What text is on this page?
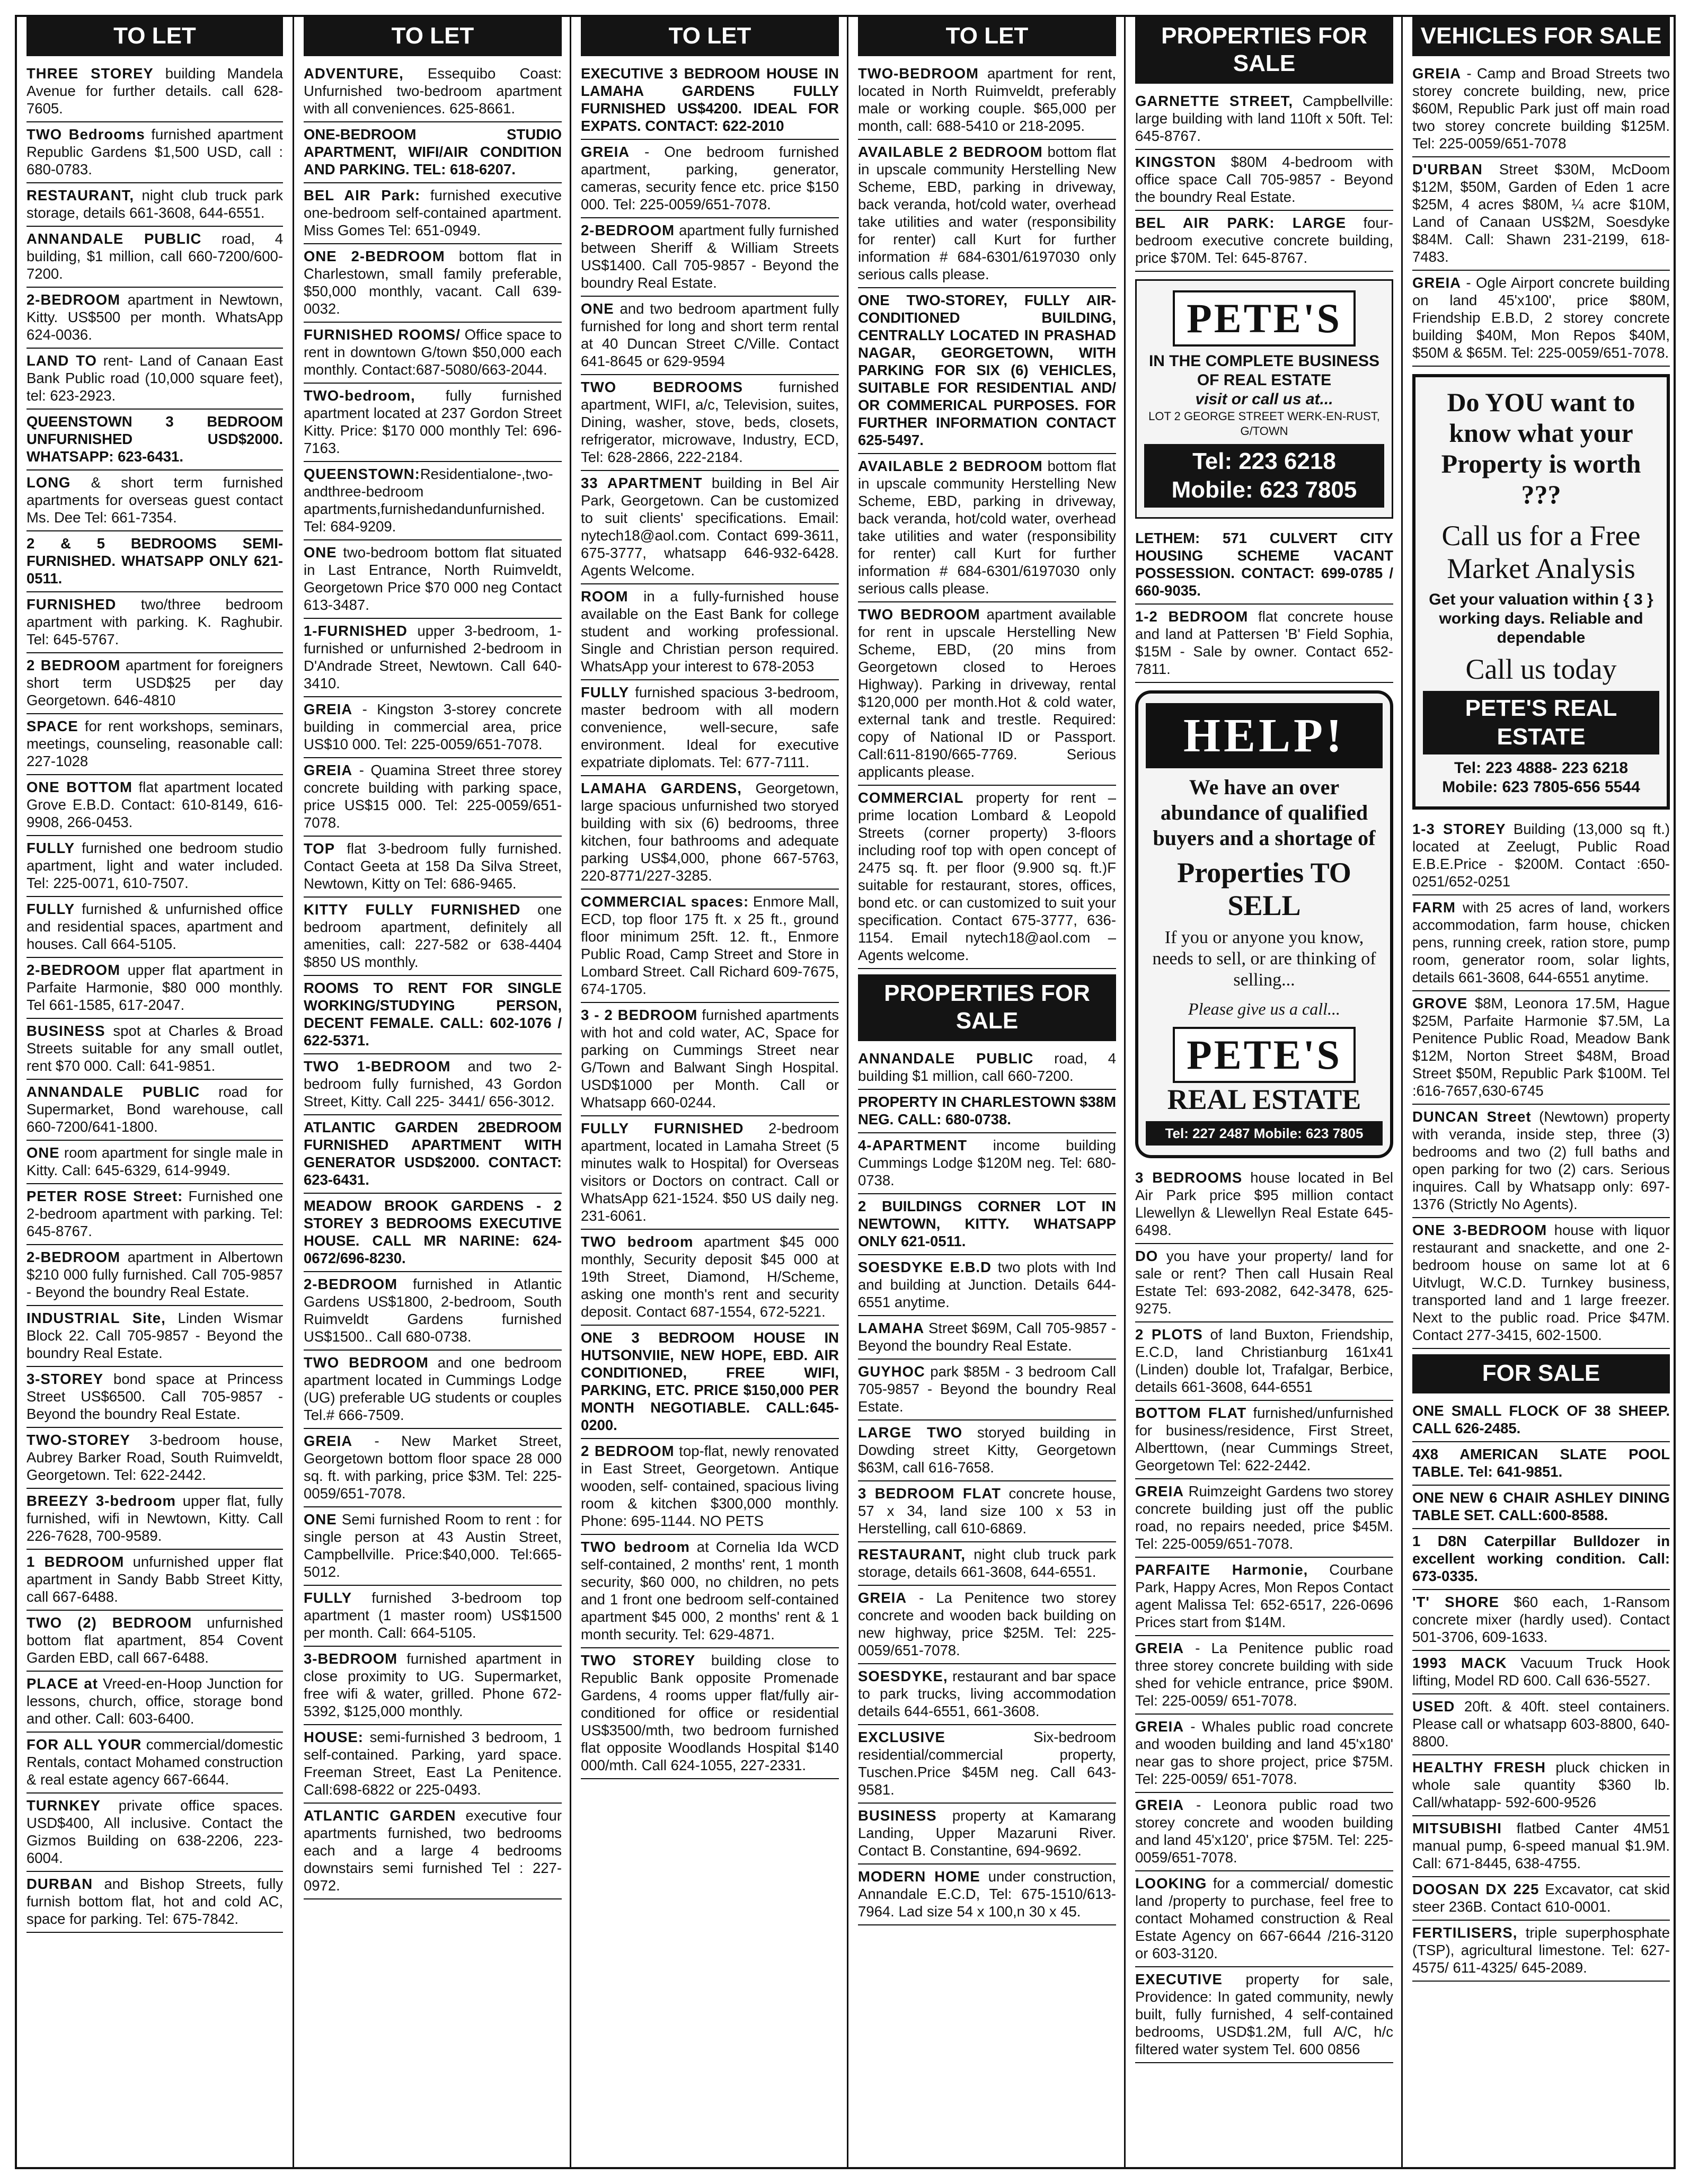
TO LET
THREE STOREY building Mandela Avenue for further details. call 628-7605.
TWO Bedrooms furnished apartment Republic Gardens $1,500 USD, call : 680-0783.
RESTAURANT, night club truck park storage, details 661-3608, 644-6551.
ANNANDALE PUBLIC road, 4 building, $1 million, call 660-7200/600-7200.
2-BEDROOM apartment in Newtown, Kitty. US$500 per month. WhatsApp 624-0036.
LAND TO rent- Land of Canaan East Bank Public road (10,000 square feet), tel: 623-2923.
QUEENSTOWN 3 BEDROOM UNFURNISHED USD$2000. WHATSAPP: 623-6431.
LONG & short term furnished apartments for overseas guest contact Ms. Dee Tel: 661-7354.
2 & 5 BEDROOMS SEMI-FURNISHED. WHATSAPP ONLY 621-0511.
FURNISHED two/three bedroom apartment with parking. K. Raghubir. Tel: 645-5767.
2 BEDROOM apartment for foreigners short term USD$25 per day Georgetown. 646-4810
SPACE for rent workshops, seminars, meetings, counseling, reasonable call: 227-1028
ONE BOTTOM flat apartment located Grove E.B.D. Contact: 610-8149, 616-9908, 266-0453.
FULLY furnished one bedroom studio apartment, light and water included. Tel: 225-0071, 610-7507.
FULLY furnished & unfurnished office and residential spaces, apartment and houses. Call 664-5105.
2-BEDROOM upper flat apartment in Parfaite Harmonie, $80 000 monthly. Tel 661-1585, 617-2047.
BUSINESS spot at Charles & Broad Streets suitable for any small outlet, rent $70 000. Call: 641-9851.
ANNANDALE PUBLIC road for Supermarket, Bond warehouse, call 660-7200/641-1800.
ONE room apartment for single male in Kitty. Call: 645-6329, 614-9949.
PETER ROSE Street: Furnished one 2-bedroom apartment with parking. Tel: 645-8767.
2-BEDROOM apartment in Albertown $210 000 fully furnished. Call 705-9857 - Beyond the boundry Real Estate.
INDUSTRIAL Site, Linden Wismar Block 22. Call 705-9857 - Beyond the boundry Real Estate.
3-STOREY bond space at Princess Street US$6500. Call 705-9857 - Beyond the boundry Real Estate.
TWO-STOREY 3-bedroom house, Aubrey Barker Road, South Ruimveldt, Georgetown. Tel: 622-2442.
BREEZY 3-bedroom upper flat, fully furnished, wifi in Newtown, Kitty. Call 226-7628, 700-9589.
1 BEDROOM unfurnished upper flat apartment in Sandy Babb Street Kitty, call 667-6488.
TWO (2) BEDROOM unfurnished bottom flat apartment, 854 Covent Garden EBD, call 667-6488.
PLACE at Vreed-en-Hoop Junction for lessons, church, office, storage bond and other. Call: 603-6400.
FOR ALL YOUR commercial/domestic Rentals, contact Mohamed construction & real estate agency 667-6644.
TURNKEY private office spaces. USD$400, All inclusive. Contact the Gizmos Building on 638-2206, 223-6004.
DURBAN and Bishop Streets, fully furnish bottom flat, hot and cold AC, space for parking. Tel: 675-7842.
TO LET
ADVENTURE, Essequibo Coast: Unfurnished two-bedroom apartment with all conveniences. 625-8661.
ONE-BEDROOM STUDIO APARTMENT, WIFI/AIR CONDITION AND PARKING. TEL: 618-6207.
BEL AIR Park: furnished executive one-bedroom self-contained apartment. Miss Gomes Tel: 651-0949.
ONE 2-BEDROOM bottom flat in Charlestown, small family preferable, $50,000 monthly, vacant. Call 639-0032.
FURNISHED ROOMS/ Office space to rent in downtown G/town $50,000 each monthly. Contact:687-5080/663-2044.
TWO-bedroom, fully furnished apartment located at 237 Gordon Street Kitty. Price: $170 000 monthly Tel: 696-7163.
QUEENSTOWN:Residentialone-,two-andthree-bedroom apartments,furnishedandunfurnished. Tel: 684-9209.
ONE two-bedroom bottom flat situated in Last Entrance, North Ruimveldt, Georgetown Price $70 000 neg Contact 613-3487.
1-FURNISHED upper 3-bedroom, 1-furnished or unfurnished 2-bedroom in D'Andrade Street, Newtown. Call 640-3410.
GREIA - Kingston 3-storey concrete building in commercial area, price US$10 000. Tel: 225-0059/651-7078.
GREIA - Quamina Street three storey concrete building with parking space, price US$15 000. Tel: 225-0059/651-7078.
TOP flat 3-bedroom fully furnished. Contact Geeta at 158 Da Silva Street, Newtown, Kitty on Tel: 686-9465.
KITTY FULLY FURNISHED one bedroom apartment, definitely all amenities, call: 227-582 or 638-4404 $850 US monthly.
ROOMS TO RENT FOR SINGLE WORKING/STUDYING PERSON, DECENT FEMALE. CALL: 602-1076 / 622-5371.
TWO 1-BEDROOM and two 2-bedroom fully furnished, 43 Gordon Street, Kitty. Call 225- 3441/ 656-3012.
ATLANTIC GARDEN 2BEDROOM FURNISHED APARTMENT WITH GENERATOR USD$2000. CONTACT: 623-6431.
MEADOW BROOK GARDENS - 2 STOREY 3 BEDROOMS EXECUTIVE HOUSE. CALL MR NARINE: 624-0672/696-8230.
2-BEDROOM furnished in Atlantic Gardens US$1800, 2-bedroom, South Ruimveldt Gardens furnished US$1500.. Call 680-0738.
TWO BEDROOM and one bedroom apartment located in Cummings Lodge (UG) preferable UG students or couples Tel.# 666-7509.
GREIA - New Market Street, Georgetown bottom floor space 28 000 sq. ft. with parking, price $3M. Tel: 225-0059/651-7078.
ONE Semi furnished Room to rent : for single person at 43 Austin Street, Campbellville. Price:$40,000. Tel:665-5012.
FULLY furnished 3-bedroom top apartment (1 master room) US$1500 per month. Call: 664-5105.
3-BEDROOM furnished apartment in close proximity to UG. Supermarket, free wifi & water, grilled. Phone 672-5392, $125,000 monthly.
HOUSE: semi-furnished 3 bedroom, 1 self-contained. Parking, yard space. Freeman Street, East La Penitence. Call:698-6822 or 225-0493.
ATLANTIC GARDEN executive four apartments furnished, two bedrooms each and a large 4 bedrooms downstairs semi furnished Tel : 227-0972.
TO LET
EXECUTIVE 3 BEDROOM HOUSE IN LAMAHA GARDENS FULLY FURNISHED US$4200. IDEAL FOR EXPATS. CONTACT: 622-2010
GREIA - One bedroom furnished apartment, parking, generator, cameras, security fence etc. price $150 000. Tel: 225-0059/651-7078.
2-BEDROOM apartment fully furnished between Sheriff & William Streets US$1400. Call 705-9857 - Beyond the boundry Real Estate.
ONE and two bedroom apartment fully furnished for long and short term rental at 40 Duncan Street C/Ville. Contact 641-8645 or 629-9594
TWO BEDROOMS furnished apartment, WIFI, a/c, Television, suites, Dining, washer, stove, beds, closets, refrigerator, microwave, Industry, ECD, Tel: 628-2866, 222-2184.
33 APARTMENT building in Bel Air Park, Georgetown. Can be customized to suit clients' specifications. Email: nytech18@aol.com. Contact 699-3611, 675-3777, whatsapp 646-932-6428. Agents Welcome.
ROOM in a fully-furnished house available on the East Bank for college student and working professional. Single and Christian person required. WhatsApp your interest to 678-2053
FULLY furnished spacious 3-bedroom, master bedroom with all modern convenience, well-secure, safe environment. Ideal for executive expatriate diplomats. Tel: 677-7111.
LAMAHA GARDENS, Georgetown, large spacious unfurnished two storyed building with six (6) bedrooms, three kitchen, four bathrooms and adequate parking US$4,000, phone 667-5763, 220-8771/227-3285.
COMMERCIAL spaces: Enmore Mall, ECD, top floor 175 ft. x 25 ft., ground floor minimum 25ft. 12. ft., Enmore Public Road, Camp Street and Store in Lombard Street. Call Richard 609-7675, 674-1705.
3 - 2 BEDROOM furnished apartments with hot and cold water, AC, Space for parking on Cummings Street near G/Town and Balwant Singh Hospital. USD$1000 per Month. Call or Whatsapp 660-0244.
FULLY FURNISHED 2-bedroom apartment, located in Lamaha Street (5 minutes walk to Hospital) for Overseas visitors or Doctors on contract. Call or WhatsApp 621-1524. $50 US daily neg. 231-6061.
TWO bedroom apartment $45 000 monthly, Security deposit $45 000 at 19th Street, Diamond, H/Scheme, asking one month's rent and security deposit. Contact 687-1554, 672-5221.
ONE 3 BEDROOM HOUSE IN HUTSONVIIE, NEW HOPE, EBD. AIR CONDITIONED, FREE WIFI, PARKING, ETC. PRICE $150,000 PER MONTH NEGOTIABLE. CALL:645-0200.
2 BEDROOM top-flat, newly renovated in East Street, Georgetown. Antique wooden, self- contained, spacious living room & kitchen $300,000 monthly. Phone: 695-1144. NO PETS
TWO bedroom at Cornelia Ida WCD self-contained, 2 months' rent, 1 month security, $60 000, no children, no pets and 1 front one bedroom self-contained apartment $45 000, 2 months' rent & 1 month security. Tel: 629-4871.
TWO STOREY building close to Republic Bank opposite Promenade Gardens, 4 rooms upper flat/fully air-conditioned for office or residential US$3500/mth, two bedroom furnished flat opposite Woodlands Hospital $140 000/mth. Call 624-1055, 227-2331.
TO LET
TWO-BEDROOM apartment for rent, located in North Ruimveldt, preferably male or working couple. $65,000 per month, call: 688-5410 or 218-2095.
AVAILABLE 2 BEDROOM bottom flat in upscale community Herstelling New Scheme, EBD, parking in driveway, back veranda, hot/cold water, overhead take utilities and water (responsibility for renter) call Kurt for further information # 684-6301/6197030 only serious calls please.
ONE TWO-STOREY, FULLY AIR-CONDITIONED BUILDING, CENTRALLY LOCATED IN PRASHAD NAGAR, GEORGETOWN, WITH PARKING FOR SIX (6) VEHICLES, SUITABLE FOR RESIDENTIAL AND/ OR COMMERICAL PURPOSES. FOR FURTHER INFORMATION CONTACT 625-5497.
AVAILABLE 2 BEDROOM bottom flat in upscale community Herstelling New Scheme, EBD, parking in driveway, back veranda, hot/cold water, overhead take utilities and water (responsibility for renter) call Kurt for further information # 684-6301/6197030 only serious calls please.
TWO BEDROOM apartment available for rent in upscale Herstelling New Scheme, EBD, (20 mins from Georgetown closed to Heroes Highway). Parking in driveway, rental $120,000 per month.Hot & cold water, external tank and trestle. Required: copy of National ID or Passport. Call:611-8190/665-7769. Serious applicants please.
COMMERCIAL property for rent – prime location Lombard & Leopold Streets (corner property) 3-floors including roof top with open concept of 2475 sq. ft. per floor (9.900 sq. ft.)F suitable for restaurant, stores, offices, bond etc. or can customized to suit your specification. Contact 675-3777, 636-1154. Email nytech18@aol.com – Agents welcome.
PROPERTIES FOR SALE
ANNANDALE PUBLIC road, 4 building $1 million, call 660-7200.
PROPERTY IN CHARLESTOWN $38M NEG. CALL: 680-0738.
4-APARTMENT income building Cummings Lodge $120M neg. Tel: 680-0738.
2 BUILDINGS CORNER LOT IN NEWTOWN, KITTY. WHATSAPP ONLY 621-0511.
SOESDYKE E.B.D two plots with Ind and building at Junction. Details 644-6551 anytime.
LAMAHA Street $69M, Call 705-9857 - Beyond the boundry Real Estate.
GUYHOC park $85M - 3 bedroom Call 705-9857 - Beyond the boundry Real Estate.
LARGE TWO storyed building in Dowding street Kitty, Georgetown $63M, call 616-7658.
3 BEDROOM FLAT concrete house, 57 x 34, land size 100 x 53 in Herstelling, call 610-6869.
RESTAURANT, night club truck park storage, details 661-3608, 644-6551.
GREIA - La Penitence two storey concrete and wooden back building on new highway, price $25M. Tel: 225-0059/651-7078.
SOESDYKE, restaurant and bar space to park trucks, living accommodation details 644-6551, 661-3608.
EXCLUSIVE Six-bedroom residential/commercial property, Tuschen.Price $45M neg. Call 643-9581.
BUSINESS property at Kamarang Landing, Upper Mazaruni River. Contact B. Constantine, 694-9692.
MODERN HOME under construction, Annandale E.C.D, Tel: 675-1510/613-7964. Lad size 54 x 100,n 30 x 45.
PROPERTIES FOR SALE
GARNETTE STREET, Campbellville: large building with land 110ft x 50ft. Tel: 645-8767.
KINGSTON $80M 4-bedroom with office space Call 705-9857 - Beyond the boundry Real Estate.
BEL AIR PARK: LARGE four-bedroom executive concrete building, price $70M. Tel: 645-8767.
PETE'S
IN THE COMPLETE BUSINESS OF REAL ESTATE
visit or call us at...
LOT 2 GEORGE STREET WERK-EN-RUST, G/TOWN
Tel: 223 6218
Mobile: 623 7805
LETHEM: 571 CULVERT CITY HOUSING SCHEME VACANT POSSESSION. CONTACT: 699-0785 / 660-9035.
1-2 BEDROOM flat concrete house and land at Pattersen 'B' Field Sophia, $15M - Sale by owner. Contact 652-7811.
HELP!
We have an over abundance of qualified buyers and a shortage of
Properties TO SELL
If you or anyone you know, needs to sell, or are thinking of selling...
Please give us a call...
PETE'S
REAL ESTATE
Tel: 227 2487 Mobile: 623 7805
3 BEDROOMS house located in Bel Air Park price $95 million contact Llewellyn & Llewellyn Real Estate 645-6498.
DO you have your property/ land for sale or rent? Then call Husain Real Estate Tel: 693-2082, 642-3478, 625-9275.
2 PLOTS of land Buxton, Friendship, E.C.D, land Christianburg 161x41 (Linden) double lot, Trafalgar, Berbice, details 661-3608, 644-6551
BOTTOM FLAT furnished/unfurnished for business/residence, First Street, Alberttown, (near Cummings Street, Georgetown Tel: 622-2442.
GREIA Ruimzeight Gardens two storey concrete building just off the public road, no repairs needed, price $45M. Tel: 225-0059/651-7078.
PARFAITE Harmonie, Courbane Park, Happy Acres, Mon Repos Contact agent Malissa Tel: 652-6517, 226-0696 Prices start from $14M.
GREIA - La Penitence public road three storey concrete building with side shed for vehicle entrance, price $90M. Tel: 225-0059/ 651-7078.
GREIA - Whales public road concrete and wooden building and land 45'x180' near gas to shore project, price $75M. Tel: 225-0059/ 651-7078.
GREIA - Leonora public road two storey concrete and wooden building and land 45'x120', price $75M. Tel: 225-0059/651-7078.
LOOKING for a commercial/ domestic land /property to purchase, feel free to contact Mohamed construction & Real Estate Agency on 667-6644 /216-3120 or 603-3120.
EXECUTIVE property for sale, Providence: In gated community, newly built, fully furnished, 4 self-contained bedrooms, USD$1.2M, full A/C, h/c filtered water system Tel. 600 0856
VEHICLES FOR SALE
GREIA - Camp and Broad Streets two storey concrete building, new, price $60M, Republic Park just off main road two storey concrete building $125M. Tel: 225-0059/651-7078
D'URBAN Street $30M, McDoom $12M, $50M, Garden of Eden 1 acre $25M, 4 acres $80M, ¼ acre $10M, Land of Canaan US$2M, Soesdyke $84M. Call: Shawn 231-2199, 618-7483.
GREIA - Ogle Airport concrete building on land 45'x100', price $80M, Friendship E.B.D, 2 storey concrete building $40M, Mon Repos $40M, $50M & $65M. Tel: 225-0059/651-7078.
Do YOU want to know what your Property is worth ???
Call us for a Free Market Analysis
Get your valuation within { 3 } working days. Reliable and dependable
Call us today
PETE'S REAL ESTATE
Tel: 223 4888- 223 6218
Mobile: 623 7805-656 5544
1-3 STOREY Building (13,000 sq ft.) located at Zeelugt, Public Road E.B.E.Price - $200M. Contact :650-0251/652-0251
FARM with 25 acres of land, workers accommodation, farm house, chicken pens, running creek, ration store, pump room, generator room, solar lights, details 661-3608, 644-6551 anytime.
GROVE $8M, Leonora 17.5M, Hague $25M, Parfaite Harmonie $7.5M, La Penitence Public Road, Meadow Bank $12M, Norton Street $48M, Broad Street $50M, Republic Park $100M. Tel :616-7657,630-6745
DUNCAN Street (Newtown) property with veranda, inside step, three (3) bedrooms and two (2) full baths and open parking for two (2) cars. Serious inquires. Call by Whatsapp only: 697-1376 (Strictly No Agents).
ONE 3-BEDROOM house with liquor restaurant and snackette, and one 2-bedroom house on same lot at 6 Uitvlugt, W.C.D. Turnkey business, transported land and 1 large freezer. Next to the public road. Price $47M. Contact 277-3415, 602-1500.
FOR SALE
ONE SMALL FLOCK OF 38 SHEEP. CALL 626-2485.
4X8 AMERICAN SLATE POOL TABLE. Tel: 641-9851.
ONE NEW 6 CHAIR ASHLEY DINING TABLE SET. CALL:600-8588.
1 D8N Caterpillar Bulldozer in excellent working condition. Call: 673-0335.
'T' SHORE $60 each, 1-Ransom concrete mixer (hardly used). Contact 501-3706, 609-1633.
1993 MACK Vacuum Truck Hook lifting, Model RD 600. Call 636-5527.
USED 20ft. & 40ft. steel containers. Please call or whatsapp 603-8800, 640-8800.
HEALTHY FRESH pluck chicken in whole sale quantity $360 lb. Call/whatapp- 592-600-9526
MITSUBISHI flatbed Canter 4M51 manual pump, 6-speed manual $1.9M. Call: 671-8445, 638-4755.
DOOSAN DX 225 Excavator, cat skid steer 236B. Contact 610-0001.
FERTILISERS, triple superphosphate (TSP), agricultural limestone. Tel: 627-4575/ 611-4325/ 645-2089.
